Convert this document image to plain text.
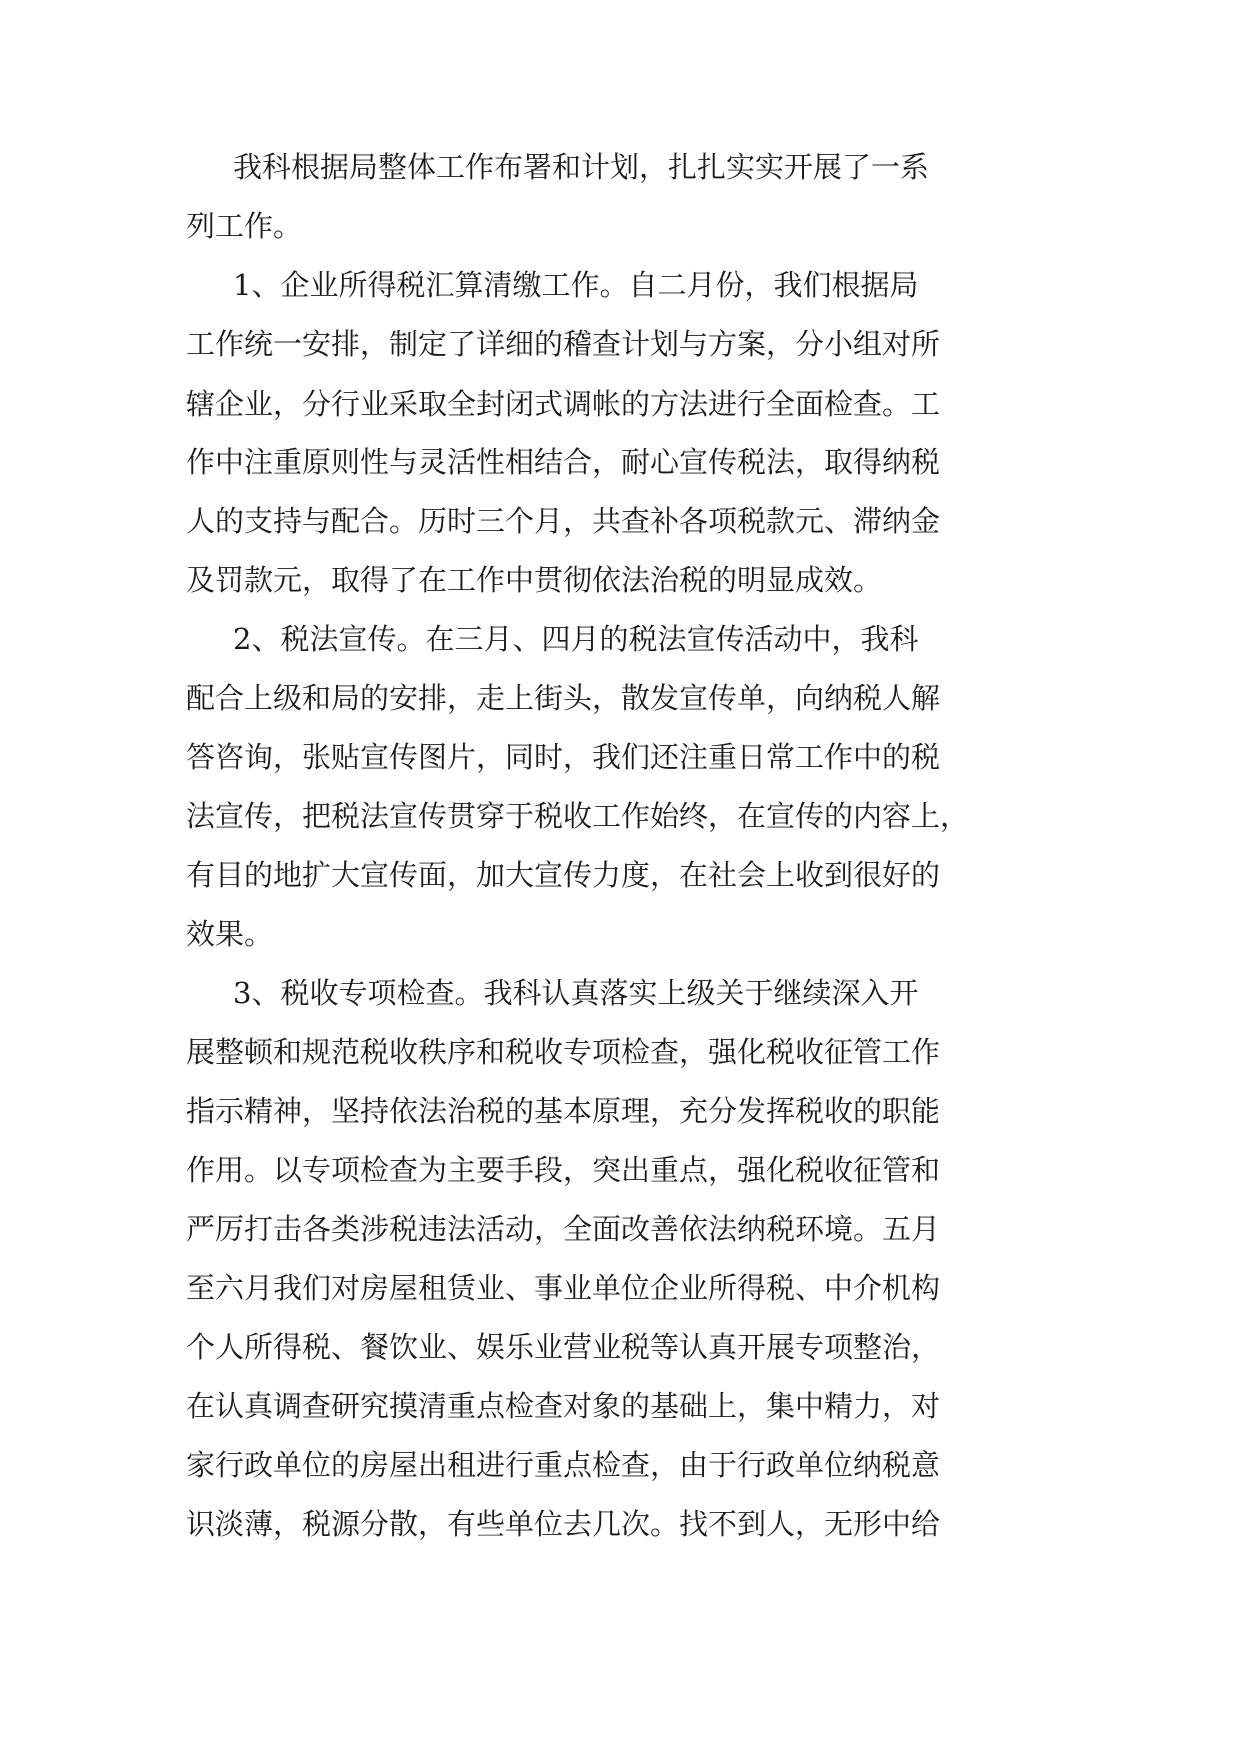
我科根据局整体工作布署和计划，扎扎实实开展了一系
列工作。
1、企业所得税汇算清缴工作。自二月份，我们根据局
工作统一安排，制定了详细的稽查计划与方案，分小组对所
辖企业，分行业采取全封闭式调帐的方法进行全面检查。工
作中注重原则性与灵活性相结合，耐心宣传税法，取得纳税
人的支持与配合。历时三个月，共查补各项税款元、滞纳金
及罚款元，取得了在工作中贯彻依法治税的明显成效。
2、税法宣传。在三月、四月的税法宣传活动中，我科
配合上级和局的安排，走上街头，散发宣传单，向纳税人解
答咨询，张贴宣传图片，同时，我们还注重日常工作中的税
法宣传，把税法宣传贯穿于税收工作始终，在宣传的内容上，
有目的地扩大宣传面，加大宣传力度，在社会上收到很好的
效果。
3、税收专项检查。我科认真落实上级关于继续深入开
展整顿和规范税收秩序和税收专项检查，强化税收征管工作
指示精神，坚持依法治税的基本原理，充分发挥税收的职能
作用。以专项检查为主要手段，突出重点，强化税收征管和
严厉打击各类涉税违法活动，全面改善依法纳税环境。五月
至六月我们对房屋租赁业、事业单位企业所得税、中介机构
个人所得税、餐饮业、娱乐业营业税等认真开展专项整治，
在认真调查研究摸清重点检查对象的基础上，集中精力，对
家行政单位的房屋出租进行重点检查，由于行政单位纳税意
识淡薄，税源分散，有些单位去几次。找不到人，无形中给
